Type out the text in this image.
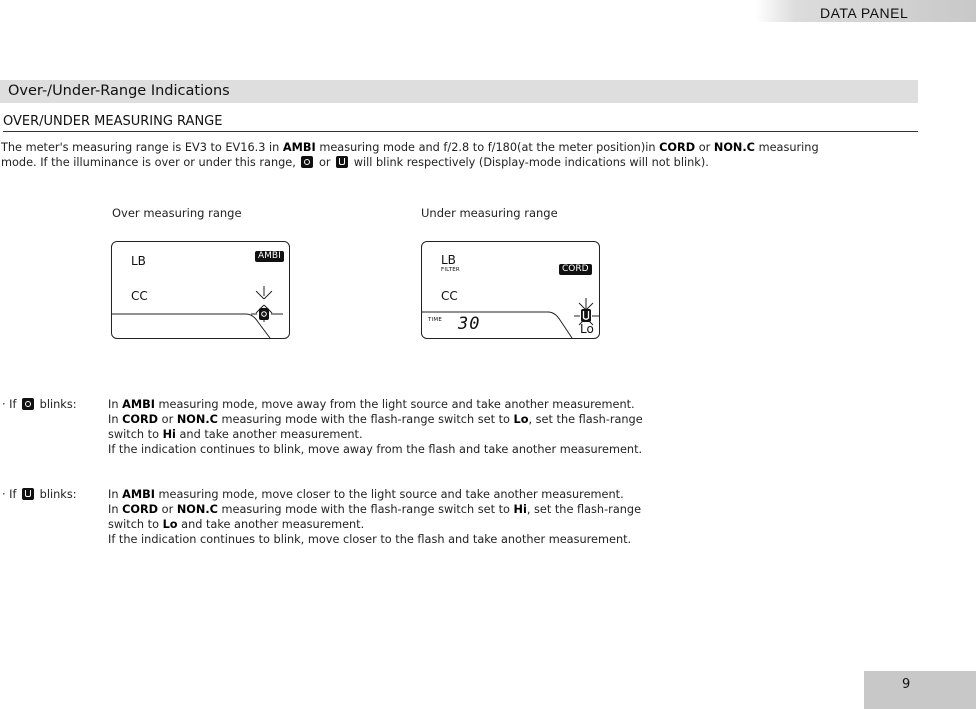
DATA PANEL
Over-/Under-Range Indications
OVER/UNDER MEASURING RANGE
The meter's measuring range is EV3 to EV16.3 in AMBI measuring mode and f/2.8 to f/180(at the meter position)in CORD or NON.C measuring
mode. If the illuminance is over or under this range,  or  will blink respectively (Display-mode indications will not blink).
Over measuring range
LB
CC
AMBI
Under measuring range
LB
FILTER
CC
CORD
TIME 30	Lo
· If  blinks:	In AMBI measuring mode, move away from the light source and take another measurement.
In CORD or NON.C measuring mode with the flash-range switch set to Lo, set the flash-range
switch to Hi and take another measurement.
If the indication continues to blink, move away from the flash and take another measurement.
· If  blinks:	In AMBI measuring mode, move closer to the light source and take another measurement.
In CORD or NON.C measuring mode with the flash-range switch set to Hi, set the flash-range
switch to Lo and take another measurement.
If the indication continues to blink, move closer to the flash and take another measurement.
9
